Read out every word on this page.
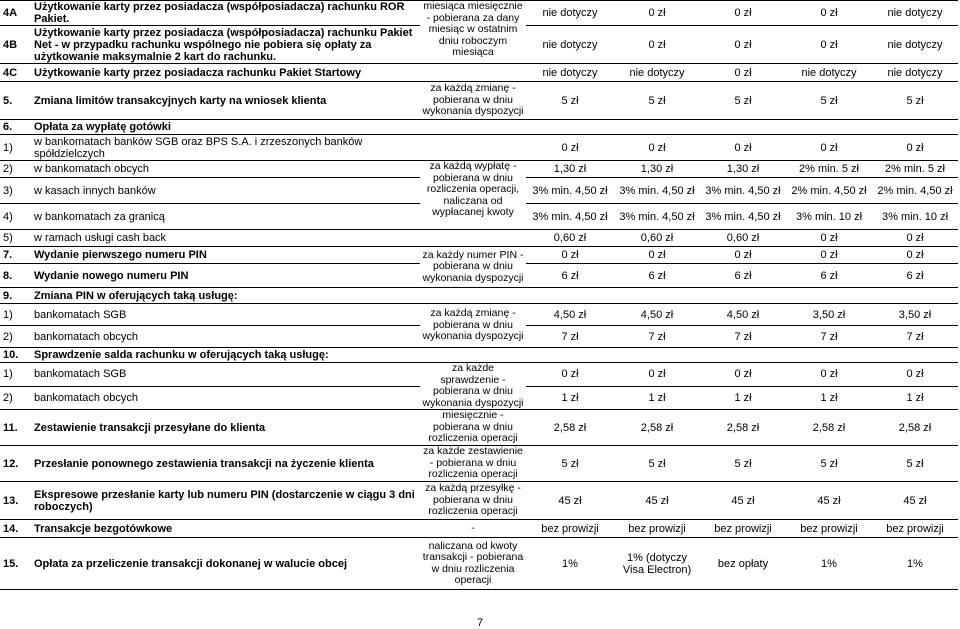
4A	Użytkowanie karty przez posiadacza (współposiadacza) rachunku ROR Pakiet.	miesiąca miesięcznie - pobierana za dany miesiąc w ostatnim dniu roboczym miesiąca	nie dotyczy	0 zł	0 zł	0 zł	nie dotyczy
4B	Użytkowanie karty przez posiadacza (współposiadacza) rachunku Pakiet Net - w przypadku rachunku wspólnego nie pobiera się opłaty za użytkowanie maksymalnie 2 kart do rachunku.		nie dotyczy	0 zł	0 zł	0 zł	nie dotyczy
4C	Użytkowanie karty przez posiadacza rachunku Pakiet Startowy		nie dotyczy	nie dotyczy	0 zł	nie dotyczy	nie dotyczy
5.	Zmiana limitów transakcyjnych karty na wniosek klienta	za każdą zmianę - pobierana w dniu wykonania dyspozycji	5 zł	5 zł	5 zł	5 zł	5 zł
6.	Opłata za wypłatę gotówki						
1)	w bankomatach banków SGB oraz BPS S.A. i zrzeszonych banków spółdzielczych		0 zł	0 zł	0 zł	0 zł	0 zł
2)	w bankomatach obcych	za każdą wypłatę - pobierana w dniu rozliczenia operacji, naliczana od wypłacanej kwoty	1,30 zł	1,30 zł	1,30 zł	2% min. 5 zł	2% min. 5 zł
3)	w kasach innych banków		3% min. 4,50 zł	3% min. 4,50 zł	3% min. 4,50 zł	2% min. 4,50 zł	2% min. 4,50 zł
4)	w bankomatach za granicą		3% min. 4,50 zł	3% min. 4,50 zł	3% min. 4,50 zł	3% min. 10 zł	3% min. 10 zł
5)	w ramach usługi cash back		0,60 zł	0,60 zł	0,60 zł	0 zł	0 zł
7.	Wydanie pierwszego numeru PIN	za każdy numer PIN - pobierana w dniu wykonania dyspozycji	0 zł	0 zł	0 zł	0 zł	0 zł
8.	Wydanie nowego numeru PIN		6 zł	6 zł	6 zł	6 zł	6 zł
9.	Zmiana PIN w oferujących taką usługę:						
1)	bankomatach SGB	za każdą zmianę - pobierana w dniu wykonania dyspozycji	4,50 zł	4,50 zł	4,50 zł	3,50 zł	3,50 zł
2)	bankomatach obcych		7 zł	7 zł	7 zł	7 zł	7 zł
10.	Sprawdzenie salda rachunku w oferujących taką usługę:						
1)	bankomatach SGB	za każde sprawdzenie - pobierana w dniu wykonania dyspozycji	0 zł	0 zł	0 zł	0 zł	0 zł
2)	bankomatach obcych		1 zł	1 zł	1 zł	1 zł	1 zł
11.	Zestawienie transakcji przesyłane do klienta	miesięcznie - pobierana w dniu rozliczenia operacji	2,58 zł	2,58 zł	2,58 zł	2,58 zł	2,58 zł
12.	Przesłanie ponownego zestawienia transakcji na życzenie klienta	za każde zestawienie - pobierana w dniu rozliczenia operacji	5 zł	5 zł	5 zł	5 zł	5 zł
13.	Ekspresowe przesłanie karty lub numeru PIN (dostarczenie w ciągu 3 dni roboczych)	za każdą przesyłkę - pobierana w dniu rozliczenia operacji	45 zł	45 zł	45 zł	45 zł	45 zł
14.	Transakcje bezgotówkowe	-	bez prowizji	bez prowizji	bez prowizji	bez prowizji	bez prowizji
15.	Opłata za przeliczenie transakcji dokonanej w walucie obcej	naliczana od kwoty transakcji - pobierana w dniu rozliczenia operacji	1%	1% (dotyczy Visa Electron)	bez opłaty	1%	1%
7
